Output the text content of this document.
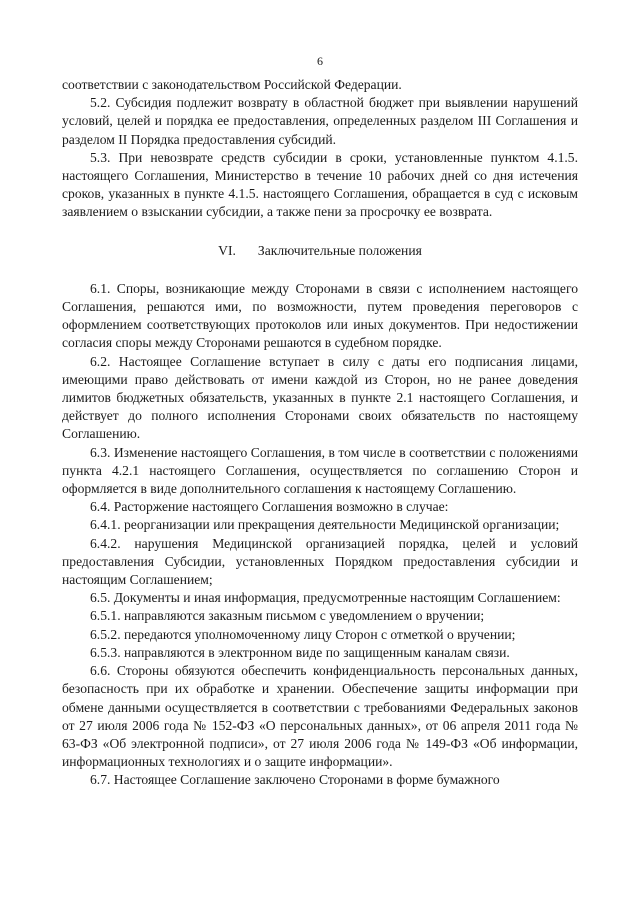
6

соответствии с законодательством Российской Федерации.

5.2. Субсидия подлежит возврату в областной бюджет при выявлении нарушений условий, целей и порядка ее предоставления, определенных разделом III Соглашения и разделом II Порядка предоставления субсидий.

5.3. При невозврате средств субсидии в сроки, установленные пунктом 4.1.5. настоящего Соглашения, Министерство в течение 10 рабочих дней со дня истечения сроков, указанных в пункте 4.1.5. настоящего Соглашения, обращается в суд с исковым заявлением о взыскании субсидии, а также пени за просрочку ее возврата.

VI. Заключительные положения

6.1. Споры, возникающие между Сторонами в связи с исполнением настоящего Соглашения, решаются ими, по возможности, путем проведения переговоров с оформлением соответствующих протоколов или иных документов. При недостижении согласия споры между Сторонами решаются в судебном порядке.

6.2. Настоящее Соглашение вступает в силу с даты его подписания лицами, имеющими право действовать от имени каждой из Сторон, но не ранее доведения лимитов бюджетных обязательств, указанных в пункте 2.1 настоящего Соглашения, и действует до полного исполнения Сторонами своих обязательств по настоящему Соглашению.

6.3. Изменение настоящего Соглашения, в том числе в соответствии с положениями пункта 4.2.1 настоящего Соглашения, осуществляется по соглашению Сторон и оформляется в виде дополнительного соглашения к настоящему Соглашению.

6.4. Расторжение настоящего Соглашения возможно в случае:

6.4.1. реорганизации или прекращения деятельности Медицинской организации;

6.4.2. нарушения Медицинской организацией порядка, целей и условий предоставления Субсидии, установленных Порядком предоставления субсидии и настоящим Соглашением;

6.5. Документы и иная информация, предусмотренные настоящим Соглашением:

6.5.1. направляются заказным письмом с уведомлением о вручении;

6.5.2. передаются уполномоченному лицу Сторон с отметкой о вручении;

6.5.3. направляются в электронном виде по защищенным каналам связи.

6.6. Стороны обязуются обеспечить конфиденциальность персональных данных, безопасность при их обработке и хранении. Обеспечение защиты информации при обмене данными осуществляется в соответствии с требованиями Федеральных законов от 27 июля 2006 года № 152-ФЗ «О персональных данных», от 06 апреля 2011 года № 63-ФЗ «Об электронной подписи», от 27 июля 2006 года № 149-ФЗ «Об информации, информационных технологиях и о защите информации».

6.7. Настоящее Соглашение заключено Сторонами в форме бумажного
